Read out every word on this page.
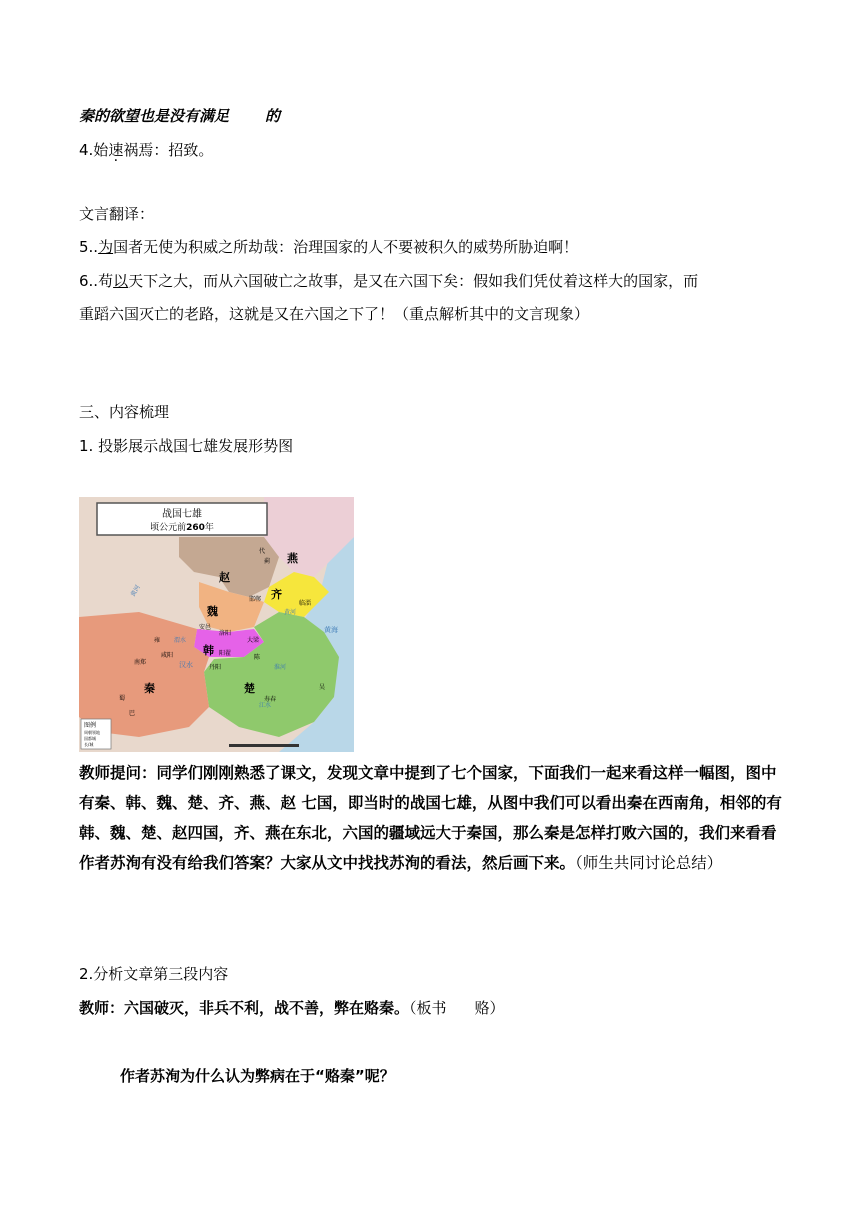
秦的欲望也是没有满足 的
4.始速祸焉：招致。
文言翻译：
5..为国者无使为积威之所劫哉：治理国家的人不要被积久的威势所胁迫啊！
6..苟以天下之大，而从六国破亡之故事，是又在六国下矣：假如我们凭仗着这样大的国家，而
重蹈六国灭亡的老路，这就是又在六国之下了！（重点解析其中的文言现象）
三、内容梳理
1. 投影展示战国七雄发展形势图
战国七雄
顷公元前260年
赵
燕
魏
齐
韩
秦	楚
代
蓟
邯郸
临淄
安邑
洛阳
大梁
陈
阳翟
咸阳
雍
南郑
丹阳
寿春
蜀
巴
吴
黄河
黄河
渭水
汉水	淮河
江水
黄海
图例
周朝领地
国都城
长/城
教师提问：同学们刚刚熟悉了课文，发现文章中提到了七个国家，下面我们一起来看这样一幅图，图中有秦、韩、魏、楚、齐、燕、赵 七国，即当时的战国七雄，从图中我们可以看出秦在西南角，相邻的有韩、魏、楚、赵四国，齐、燕在东北，六国的疆域远大于秦国，那么秦是怎样打败六国的，我们来看看作者苏洵有没有给我们答案？大家从文中找找苏洵的看法，然后画下来。（师生共同讨论总结）
2.分析文章第三段内容
教师：六国破灭，非兵不利，战不善，弊在赂秦。（板书 赂）
作者苏洵为什么认为弊病在于“赂秦”呢？
